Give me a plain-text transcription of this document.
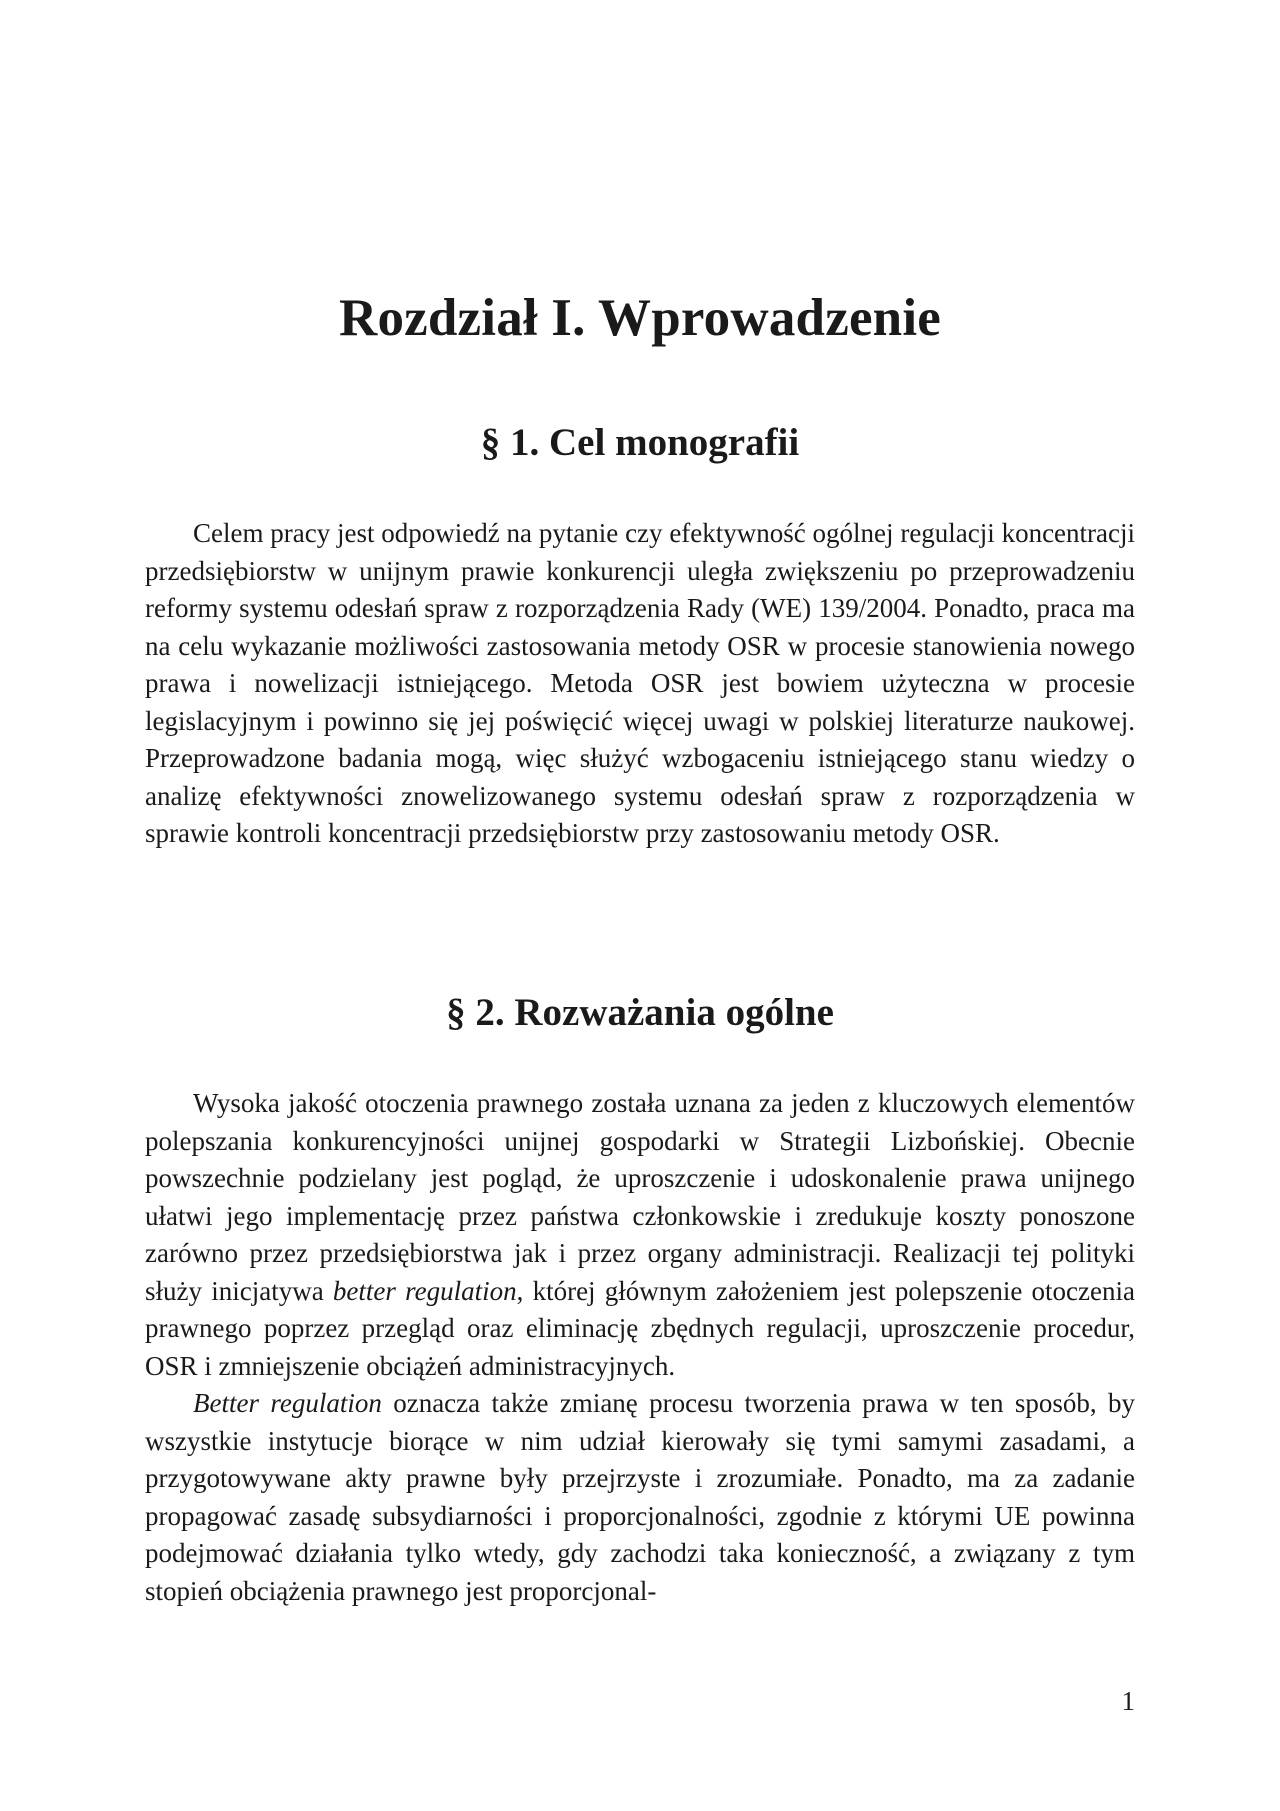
Rozdział I. Wprowadzenie
§ 1. Cel monografii

Celem pracy jest odpowiedź na pytanie czy efektywność ogólnej regulacji koncentracji przedsiębiorstw w unijnym prawie konkurencji uległa zwiększeniu po przeprowadzeniu reformy systemu odesłań spraw z rozporządzenia Rady (WE) 139/2004. Ponadto, praca ma na celu wykazanie możliwości zastosowania metody OSR w procesie stanowienia nowego prawa i nowelizacji istniejącego. Metoda OSR jest bowiem użyteczna w procesie legislacyjnym i powinno się jej poświęcić więcej uwagi w polskiej literaturze naukowej. Przeprowadzone badania mogą, więc służyć wzbogaceniu istniejącego stanu wiedzy o analizę efektywności znowelizowanego systemu odesłań spraw z rozporządzenia w sprawie kontroli koncentracji przedsiębiorstw przy zastosowaniu metody OSR.

§ 2. Rozważania ogólne

Wysoka jakość otoczenia prawnego została uznana za jeden z kluczowych elementów polepszania konkurencyjności unijnej gospodarki w Strategii Lizbońskiej. Obecnie powszechnie podzielany jest pogląd, że uproszczenie i udoskonalenie prawa unijnego ułatwi jego implementację przez państwa członkowskie i zredukuje koszty ponoszone zarówno przez przedsiębiorstwa jak i przez organy administracji. Realizacji tej polityki służy inicjatywa better regulation, której głównym założeniem jest polepszenie otoczenia prawnego poprzez przegląd oraz eliminację zbędnych regulacji, uproszczenie procedur, OSR i zmniejszenie obciążeń administracyjnych.

Better regulation oznacza także zmianę procesu tworzenia prawa w ten sposób, by wszystkie instytucje biorące w nim udział kierowały się tymi samymi zasadami, a przygotowywane akty prawne były przejrzyste i zrozumiałe. Ponadto, ma za zadanie propagować zasadę subsydiarności i proporcjonalności, zgodnie z którymi UE powinna podejmować działania tylko wtedy, gdy zachodzi taka konieczność, a związany z tym stopień obciążenia prawnego jest proporcjonal-

1
